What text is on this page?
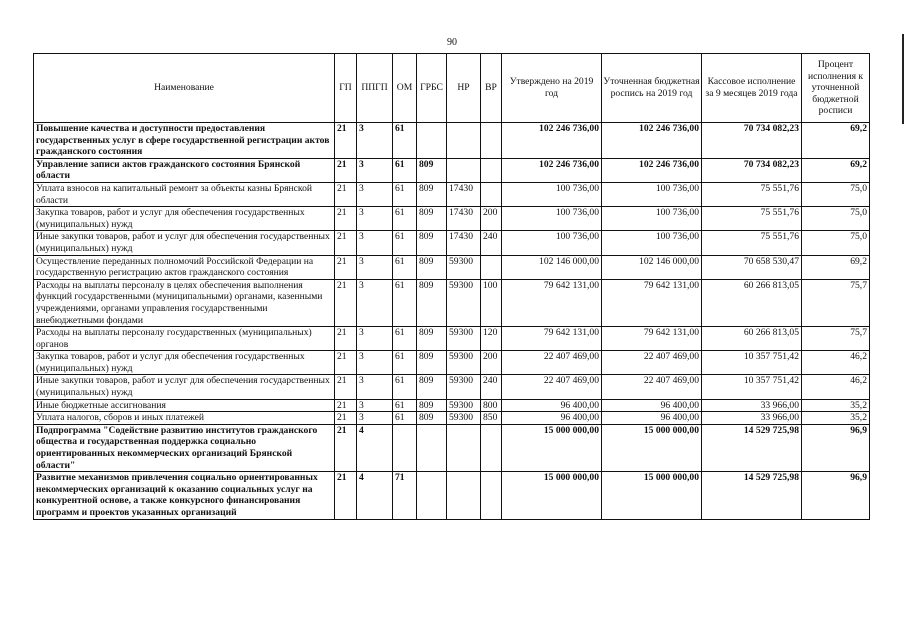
90
Наименование	ГП	ППГП	ОМ	ГРБС	НР	ВР	Утверждено на 2019 год	Уточненная бюджетная роспись на 2019 год	Кассовое исполнение за 9 месяцев 2019 года	Процент исполнения к уточненной бюджетной росписи
Повышение качества и доступности предоставления государственных услуг в сфере государственной регистрации актов гражданского состояния	21	3	61				102 246 736,00	102 246 736,00	70 734 082,23	69,2
Управление записи актов гражданского состояния Брянской области	21	3	61	809			102 246 736,00	102 246 736,00	70 734 082,23	69,2
Уплата взносов на капитальный ремонт за объекты казны Брянской области	21	3	61	809	17430		100 736,00	100 736,00	75 551,76	75,0
Закупка товаров, работ и услуг для обеспечения государственных (муниципальных) нужд	21	3	61	809	17430	200	100 736,00	100 736,00	75 551,76	75,0
Иные закупки товаров, работ и услуг для обеспечения государственных (муниципальных) нужд	21	3	61	809	17430	240	100 736,00	100 736,00	75 551,76	75,0
Осуществление переданных полномочий Российской Федерации на государственную регистрацию актов гражданского состояния	21	3	61	809	59300		102 146 000,00	102 146 000,00	70 658 530,47	69,2
Расходы на выплаты персоналу в целях обеспечения выполнения функций государственными (муниципальными) органами, казенными учреждениями, органами управления государственными внебюджетными фондами	21	3	61	809	59300	100	79 642 131,00	79 642 131,00	60 266 813,05	75,7
Расходы на выплаты персоналу государственных (муниципальных) органов	21	3	61	809	59300	120	79 642 131,00	79 642 131,00	60 266 813,05	75,7
Закупка товаров, работ и услуг для обеспечения государственных (муниципальных) нужд	21	3	61	809	59300	200	22 407 469,00	22 407 469,00	10 357 751,42	46,2
Иные закупки товаров, работ и услуг для обеспечения государственных (муниципальных) нужд	21	3	61	809	59300	240	22 407 469,00	22 407 469,00	10 357 751,42	46,2
Иные бюджетные ассигнования	21	3	61	809	59300	800	96 400,00	96 400,00	33 966,00	35,2
Уплата налогов, сборов и иных платежей	21	3	61	809	59300	850	96 400,00	96 400,00	33 966,00	35,2
Подпрограмма "Содействие развитию институтов гражданского общества и государственная поддержка социально ориентированных некоммерческих организаций Брянской области"	21	4					15 000 000,00	15 000 000,00	14 529 725,98	96,9
Развитие механизмов привлечения социально ориентированных некоммерческих организаций к оказанию социальных услуг на конкурентной основе, а также конкурсного финансирования программ и проектов указанных организаций	21	4	71				15 000 000,00	15 000 000,00	14 529 725,98	96,9
